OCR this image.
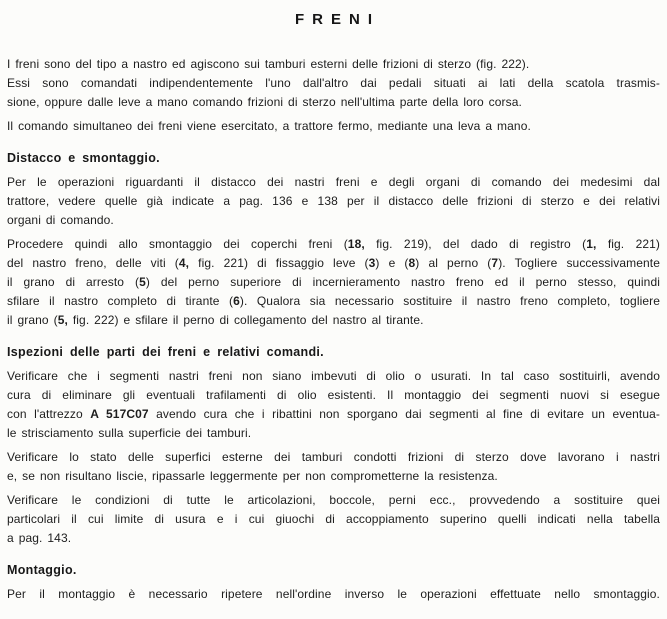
FRENI
I freni sono del tipo a nastro ed agiscono sui tamburi esterni delle frizioni di sterzo (fig. 222).
Essi sono comandati indipendentemente l'uno dall'altro dai pedali situati ai lati della scatola trasmis-
sione, oppure dalle leve a mano comando frizioni di sterzo nell'ultima parte della loro corsa.
Il comando simultaneo dei freni viene esercitato, a trattore fermo, mediante una leva a mano.
Distacco e smontaggio.
Per le operazioni riguardanti il distacco dei nastri freni e degli organi di comando dei medesimi dal
trattore, vedere quelle già indicate a pag. 136 e 138 per il distacco delle frizioni di sterzo e dei relativi
organi di comando.
Procedere quindi allo smontaggio dei coperchi freni (18, fig. 219), del dado di registro (1, fig. 221)
del nastro freno, delle viti (4, fig. 221) di fissaggio leve (3) e (8) al perno (7). Togliere successivamente
il grano di arresto (5) del perno superiore di incernieramento nastro freno ed il perno stesso, quindi
sfilare il nastro completo di tirante (6). Qualora sia necessario sostituire il nastro freno completo, togliere
il grano (5, fig. 222) e sfilare il perno di collegamento del nastro al tirante.
Ispezioni delle parti dei freni e relativi comandi.
Verificare che i segmenti nastri freni non siano imbevuti di olio o usurati. In tal caso sostituirli, avendo
cura di eliminare gli eventuali trafilamenti di olio esistenti. Il montaggio dei segmenti nuovi si esegue
con l'attrezzo A 517C07 avendo cura che i ribattini non sporgano dai segmenti al fine di evitare un eventua-
le strisciamento sulla superficie dei tamburi.
Verificare lo stato delle superfici esterne dei tamburi condotti frizioni di sterzo dove lavorano i nastri
e, se non risultano liscie, ripassarle leggermente per non comprometterne la resistenza.
Verificare le condizioni di tutte le articolazioni, boccole, perni ecc., provvedendo a sostituire quei
particolari il cui limite di usura e i cui giuochi di accoppiamento superino quelli indicati nella tabella
a pag. 143.
Montaggio.
Per il montaggio è necessario ripetere nell'ordine inverso le operazioni effettuate nello smontaggio.
